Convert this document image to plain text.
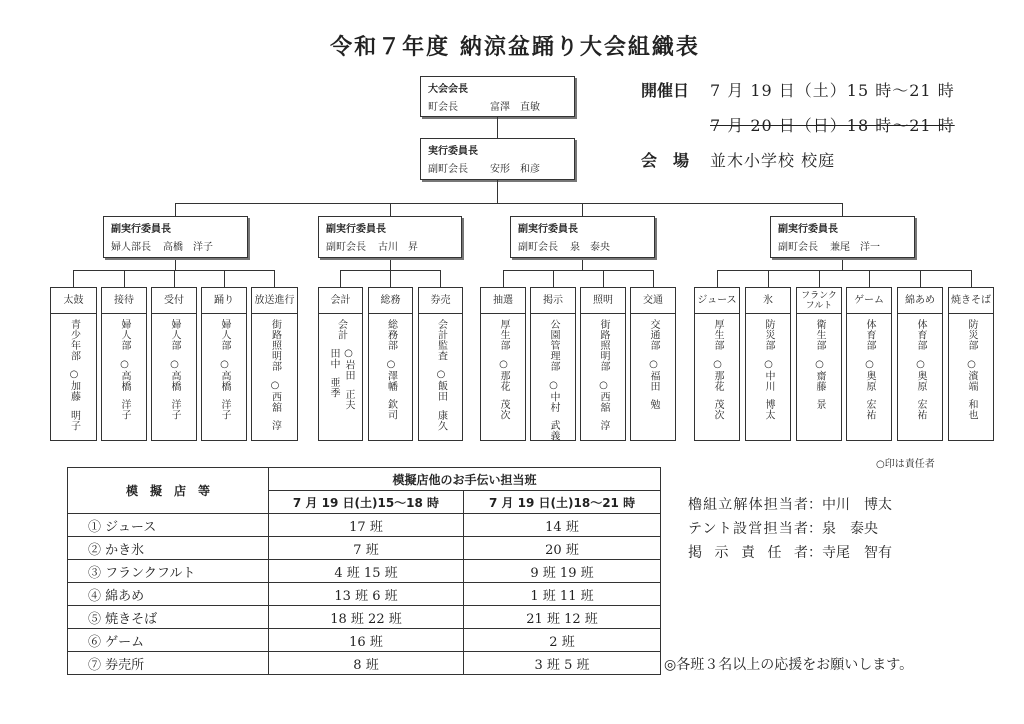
令和７年度 納涼盆踊り大会組織表
大会会長
町会長	富澤　直敏
実行委員長
副町会長 安形　和彦
開催日 7 月 19 日（土）15 時～21 時
7 月 20 日（日）18 時～21 時
会　場 並木小学校 校庭
副実行委員長
婦人部長 高橋　洋子
副実行委員長
副町会長 古川　昇
副実行委員長
副町会長 泉　泰央
副実行委員長
副町会長 兼尾　洋一
太鼓
青少年部
○加藤
明子
接待
婦人部
○高橋
洋子
受付
婦人部
○高橋
洋子
踊り
婦人部
○高橋
洋子
放送進行
街路照明部
○西舘
淳
会計
会計
○岩田
正夫
田中
亜季
総務
総務部
○澤幡
欽司
券売
会計監査
○飯田
康久
抽選
厚生部
○那花
茂次
掲示
公園管理部
○中村
武義
照明
街路照明部
○西舘
淳
交通
交通部
○福田
勉
ジュース
厚生部
○那花
茂次
氷
防災部
○中川
博太
フランクフルト
衛生部
○齋藤
景
ゲーム
体育部
○奥原
宏祐
綿あめ
体育部
○奥原
宏祐
焼きそば
防災部
○濱端
和也
○印は責任者
模　擬　店　等	模擬店他のお手伝い担当班	
	7 月 19 日(土)15～18 時	7 月 19 日(土)18～21 時
① ジュース	17 班	14 班
② かき氷	7 班	20 班
③ フランクフルト	4 班 15 班	9 班 19 班
④ 綿あめ	13 班 6 班	1 班 11 班
⑤ 焼きそば	18 班 22 班	21 班 12 班
⑥ ゲーム	16 班	2 班
⑦ 券売所	8 班	3 班 5 班
櫓組立解体担当者：中川　博太
テント設営担当者：泉　泰央
掲 示 責 任 者：寺尾　智有
◎各班３名以上の応援をお願いします。
